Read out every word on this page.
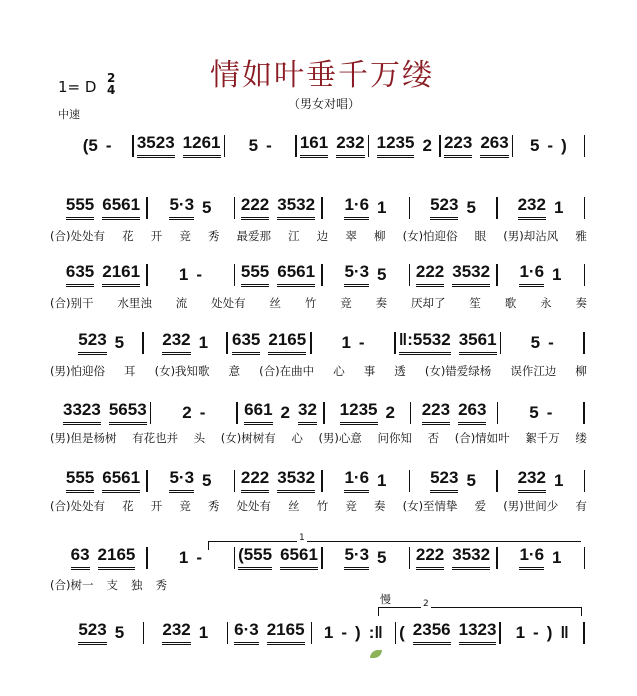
情如叶垂千万缕
（男女对唱）
1= D 2
4
中速
1
2
慢
(5 - 3523 1261 5 - 161 232 1235 2 223 263 5 - )
555 6561 5·3 5 222 3532 1·6 1	523 5 232 1
(合)处处有 花 开 竞 秀 最爱那 江 边 翠 柳 (女)怕迎俗 眼 (男)却沾风 雅
635 2161 1 - 555 6561 5·3 5 222 3532 1·6 1
(合)别干 水里浊 流 处处有 丝 竹 竞 奏 厌却了 笙 歌 永 奏
523 5 232 1 635 2165 1 - ‖:5532 3561 5 -
(男)怕迎俗 耳 (女)我知歌 意 (合)在曲中 心 事 透 (女)错爱绿杨 误作江边 柳
3323 5653 2 - 661 2 32 1235 2 223 263	5 -
(男)但是杨树 有花也并 头 (女)树树有 心 (男)心意 问你知 否 (合)情如叶 絮千万 缕
555 6561 5·3 5 222 3532 1·6 1	523 5 232 1
(合)处处有 花 开 竞 秀 处处有 丝 竹 竞 奏 (女)至情挚 爱 (男)世间少 有
63 2165	1 - (555 6561 5·3 5 222 3532 1·6 1
(合)树一 支 独 秀
523 5 232 1 6·3 2165 1 - ) :‖ ( 2356 1323 1 - ) ‖
